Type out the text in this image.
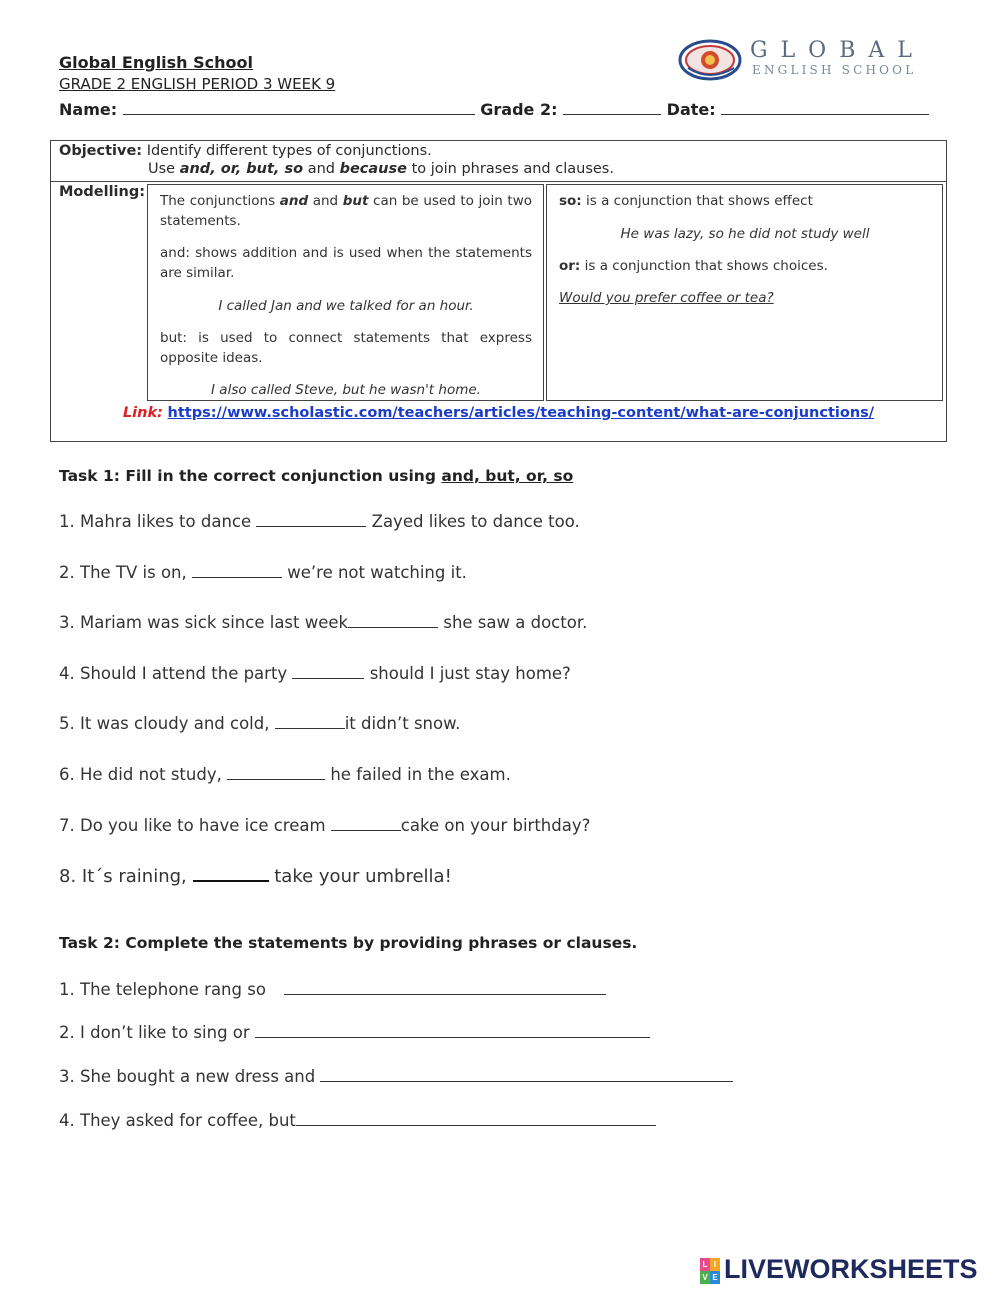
Global English School
GRADE 2 ENGLISH PERIOD 3 WEEK 9
Name:	Grade 2:	Date:
GLOBAL
ENGLISH SCHOOL
Objective: Identify different types of conjunctions.
Use and, or, but, so and because to join phrases and clauses.
Modelling:
The conjunctions and and but can be used to join two statements.
and: shows addition and is used when the statements are similar.
I called Jan and we talked for an hour.
but: is used to connect statements that express opposite ideas.
I also called Steve, but he wasn't home.
so: is a conjunction that shows effect
He was lazy, so he did not study well
or: is a conjunction that shows choices.
Would you prefer coffee or tea?
Link: https://www.scholastic.com/teachers/articles/teaching-content/what-are-conjunctions/
Task 1: Fill in the correct conjunction using and, but, or, so
1. Mahra likes to dance	Zayed likes to dance too.
2. The TV is on,	we’re not watching it.
3. Mariam was sick since last week	she saw a doctor.
4. Should I attend the party	should I just stay home?
5. It was cloudy and cold,	it didn’t snow.
6. He did not study,	he failed in the exam.
7. Do you like to have ice cream	cake on your birthday?
8. It´s raining,	take your umbrella!
Task 2: Complete the statements by providing phrases or clauses.
1. The telephone rang so
2. I don’t like to sing or
3. She bought a new dress and
4. They asked for coffee, but
L I
V E LIVEWORKSHEETS
